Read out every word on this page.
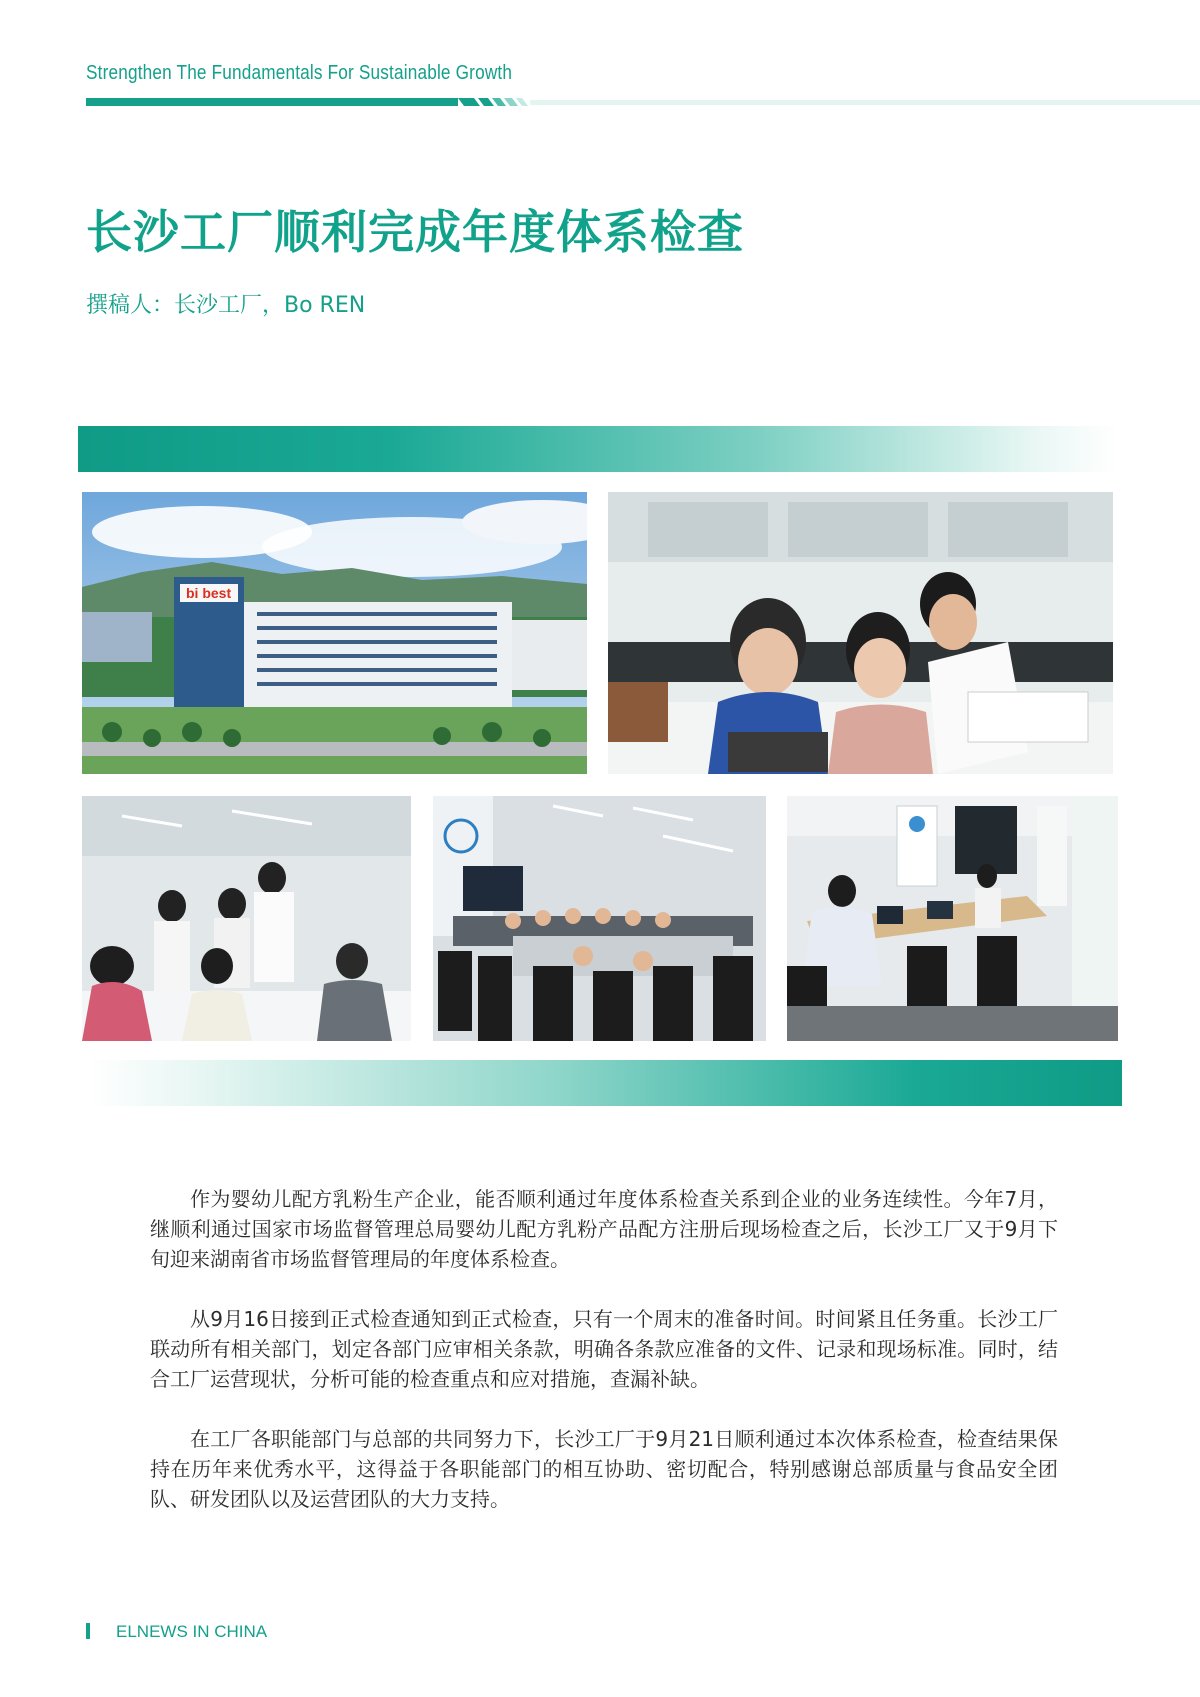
Strengthen The Fundamentals For Sustainable Growth
长沙工厂顺利完成年度体系检查
撰稿人：长沙工厂，Bo REN
bi best

作为婴幼儿配方乳粉生产企业，能否顺利通过年度体系检查关系到企业的业务连续性。今年7月，继顺利通过国家市场监督管理总局婴幼儿配方乳粉产品配方注册后现场检查之后，长沙工厂又于9月下旬迎来湖南省市场监督管理局的年度体系检查。

从9月16日接到正式检查通知到正式检查，只有一个周末的准备时间。时间紧且任务重。长沙工厂联动所有相关部门，划定各部门应审相关条款，明确各条款应准备的文件、记录和现场标准。同时，结合工厂运营现状，分析可能的检查重点和应对措施，查漏补缺。

在工厂各职能部门与总部的共同努力下，长沙工厂于9月21日顺利通过本次体系检查，检查结果保持在历年来优秀水平，这得益于各职能部门的相互协助、密切配合，特别感谢总部质量与食品安全团队、研发团队以及运营团队的大力支持。

ELNEWS IN CHINA
